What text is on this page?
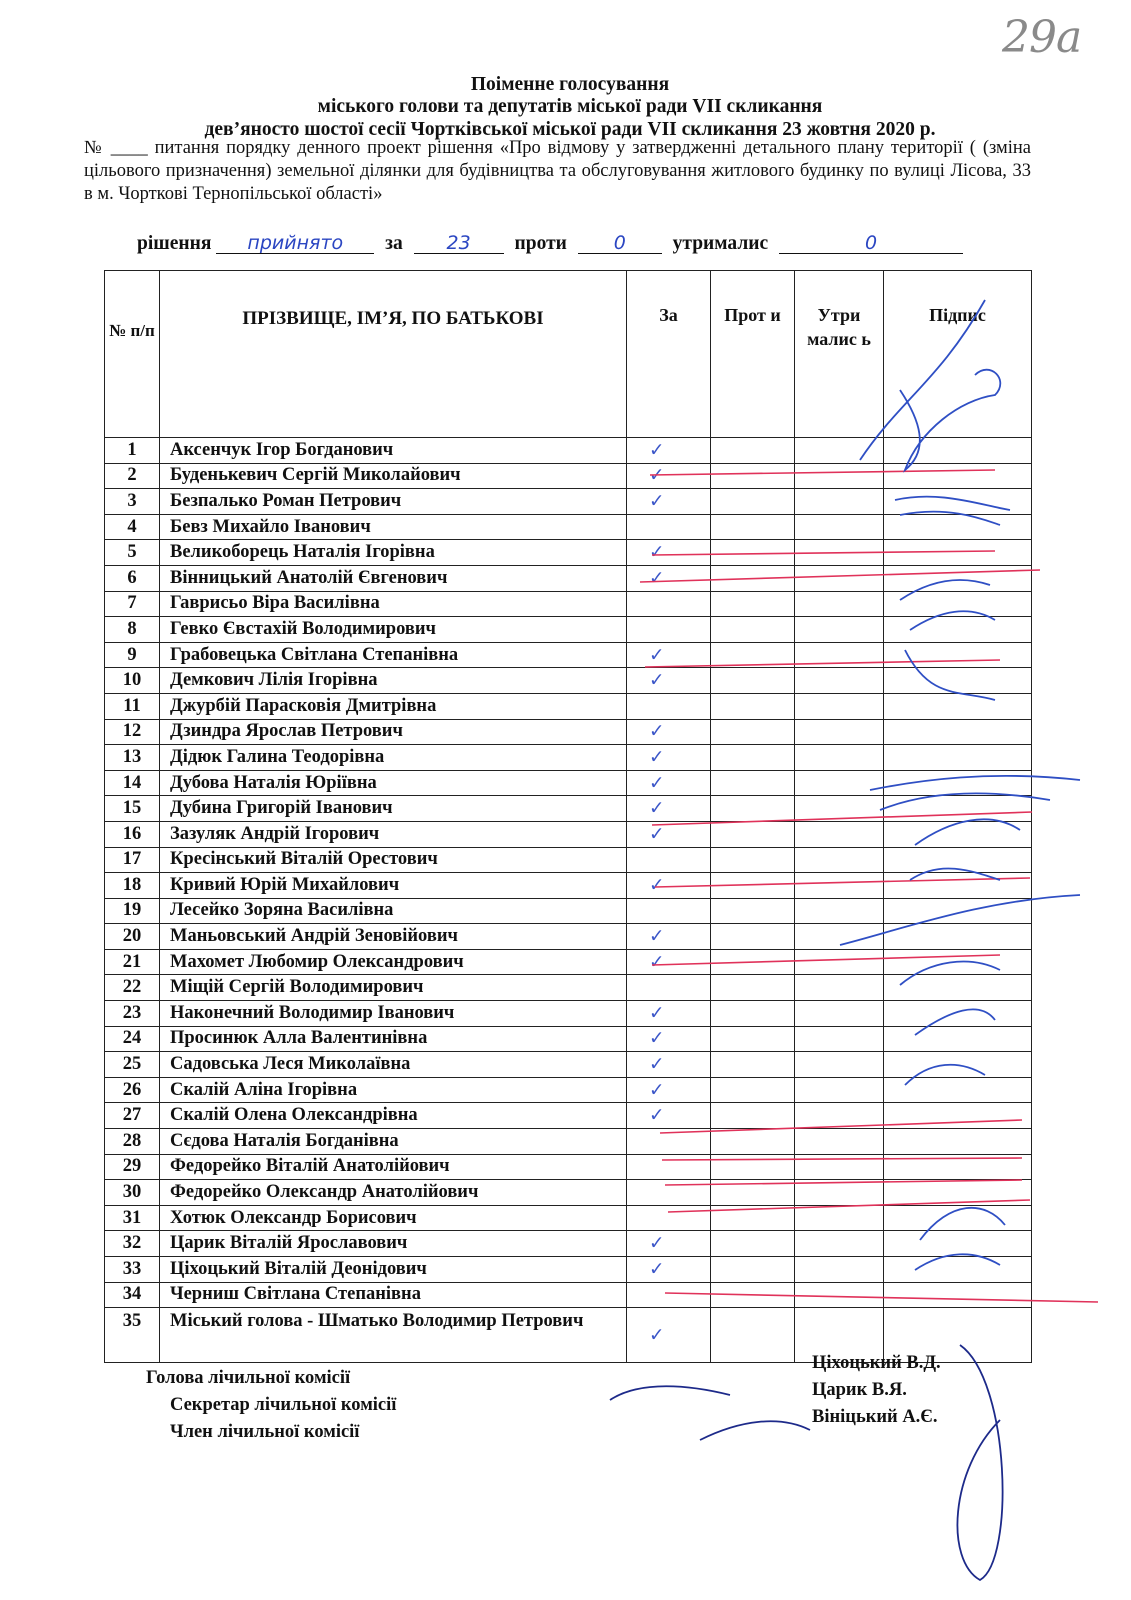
29а

Поіменне голосування

міського голови та депутатів міської ради VII скликання

дев’яносто шостої сесії Чортківської міської ради VII скликання 23 жовтня 2020 р.

№ ____ питання порядку денного проект рішення «Про відмову у затвердженні детального плану території ( (зміна цільового призначення) земельної ділянки для будівництва та обслуговування житлового будинку по вулиці Лісова, 33 в м. Чорткові Тернопільської області»

рішення прийнято за 23 проти 0 утрималис	0
№ п/п	ПРІЗВИЩЕ, ІМ’Я, ПО БАТЬКОВІ	За	Прот и	Утри малис ь	Підпис
1	Аксенчук Ігор Богданович	✓			
2	Буденькевич Сергій Миколайович	✓			
3	Безпалько Роман Петрович	✓			
4	Бевз Михайло Іванович				
5	Великоборець Наталія Ігорівна	✓			
6	Вінницький Анатолій Євгенович	✓			
7	Гаврисьо Віра Василівна				
8	Гевко Євстахій Володимирович				
9	Грабовецька Світлана Степанівна	✓			
10	Демкович Лілія Ігорівна	✓			
11	Джурбій Парасковія Дмитрівна				
12	Дзиндра Ярослав Петрович	✓			
13	Дідюк Галина Теодорівна	✓			
14	Дубова Наталія Юріївна	✓			
15	Дубина Григорій Іванович	✓			
16	Зазуляк Андрій Ігорович	✓			
17	Кресінський Віталій Орестович				
18	Кривий Юрій Михайлович	✓			
19	Лесейко Зоряна Василівна				
20	Маньовський Андрій Зеновійович	✓			
21	Махомет Любомир Олександрович	✓			
22	Міщій Сергій Володимирович				
23	Наконечний Володимир Іванович	✓			
24	Просинюк Алла Валентинівна	✓			
25	Садовська Леся Миколаївна	✓			
26	Скалій Аліна Ігорівна	✓			
27	Скалій Олена Олександрівна	✓			
28	Сєдова Наталія Богданівна				
29	Федорейко Віталій Анатолійович				
30	Федорейко Олександр Анатолійович				
31	Хотюк Олександр Борисович				
32	Царик Віталій Ярославович	✓			
33	Ціхоцький Віталій Деонідович	✓			
34	Черниш Світлана Степанівна				
35	Міський голова - Шматько Володимир Петрович	✓			

Голова лічильної комісії

Секретар лічильної комісії

Член лічильної комісії

Ціхоцький В.Д.

Царик В.Я.

Вініцький А.Є.
